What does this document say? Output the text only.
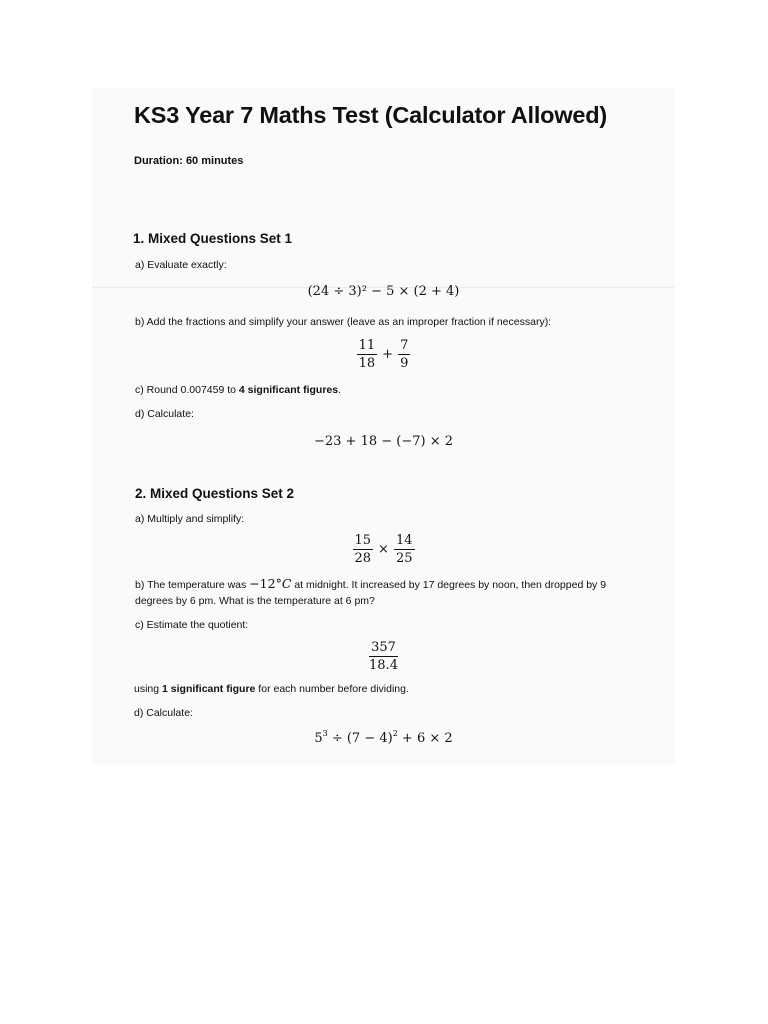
KS3 Year 7 Maths Test (Calculator Allowed)

Duration: 60 minutes

1. Mixed Questions Set 1

a) Evaluate exactly:

(24 ÷ 3)² − 5 × (2 + 4)

b) Add the fractions and simplify your answer (leave as an improper fraction if necessary):

$\frac{11}{18} + \frac{7}{9}$

c) Round 0.007459 to 4 significant figures.

d) Calculate:

−23 + 18 − (−7) × 2
2. Mixed Questions Set 2

a) Multiply and simplify:

$\frac{15}{28} \times \frac{14}{25}$

b) The temperature was −12°C at midnight. It increased by 17 degrees by noon, then dropped by 9

degrees by 6 pm. What is the temperature at 6 pm?

c) Estimate the quotient:

$\frac{357}{18.4}$

using 1 significant figure for each number before dividing.

d) Calculate:

$5^3 \div (7 - 4)^2 + 6 \times 2$
